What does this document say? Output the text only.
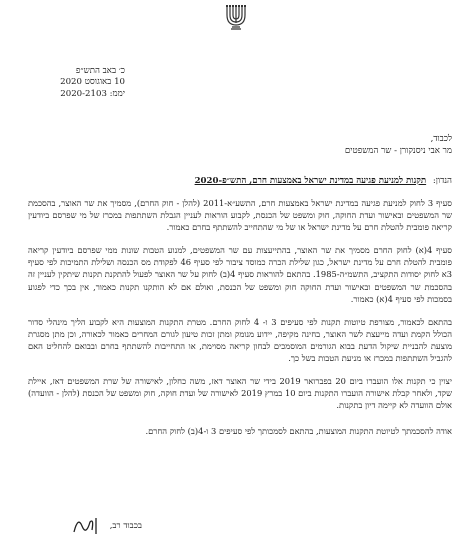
כ׳ באב התש״פ
10 באוגוסט 2020
יממ: 2020-2103
לכבוד,
מר אבי ניסנקורן - שר המשפטים
הנדון: תקנות למניעת פגיעה במדינת ישראל באמצעות חרם, התש״פ-2020

סעיף 3 לחוק למניעת פגיעה במדינת ישראל באמצעות חרם, התשע״א-2011 (להלן - חוק החרם), מסמיך את שר האוצר, בהסכמת שר המשפטים ובאישור ועדת החוקה, חוק ומשפט של הכנסת, לקבוע הוראות לעניין הגבלת השתתפות במכרז של מי שפרסם ביודעין קריאה פומבית להטלת חרם על מדינת ישראל או של מי שהתחייב להשתתף בחרם כאמור.

סעיף 4(א) לחוק החרם מסמיך את שר האוצר, בהתייעצות עם שר המשפטים, למנוע הטבות שונות ממי שפרסם ביודעין קריאה פומבית להטלת חרם על מדינת ישראל, כגון שלילת הכרה כמוסד ציבור לפי סעיף 46 לפקודת מס הכנסה ושלילת התמיכות לפי סעיף 3א לחוק יסודות התקציב, התשמ״ה-1985. בהתאם להוראות סעיף 4(ב) לחוק על שר האוצר לפעול להתקנת תקנות שיתקין לעניין זה בהסכמת שר המשפטים ובאישור ועדת החוקה חוק ומשפט של הכנסת, ואולם אם לא הותקנו תקנות כאמור, אין בכך כדי לפגוע בסמכות לפי סעיף 4(א) כאמור.

בהתאם לכאמור, מצורפת טיוטות תקנות לפי סעיפים 3 ו- 4 לחוק החרם. מטרת התקנות המוצעות היא לקבוע הליך מינהלי סדור הכולל הקמת ועדה מייעצת לשר האוצר, בחינה מקיפה, יידוע מנומק ומתן זכות טיעון לגורם המחרים כאמור לכאורה, וכן מתן מסגרת מוצעת להבניית שיקול הדעת בבוא הגורמים המוסמכים לבחון קריאה מסוימת, או התחייבות להשתתף בחרם ובבואם להחליט האם להגביל השתתפות במכרז או מניעת הטבות בשל כך.

יצוין כי תקנות אלו הועברו ביום 20 בפברואר 2019 בידי שר האוצר דאז, משה כחלון, לאישורה של שרת המשפטים דאז, איילת שקד, ולאחר קבלת אישורה הועברו התקנות ביום 10 במרץ 2019 לאישורה של ועדת חוקה, חוק ומשפט של הכנסת (להלן - הוועדה) אולם הוועדה לא קיימה דיון בתקנות.

אודה להסכמתך לטיוטת התקנות המוצעות, בהתאם לסמכותך לפי סעיפים 3 ו-4(ב) לחוק החרם.

בכבוד רב,
